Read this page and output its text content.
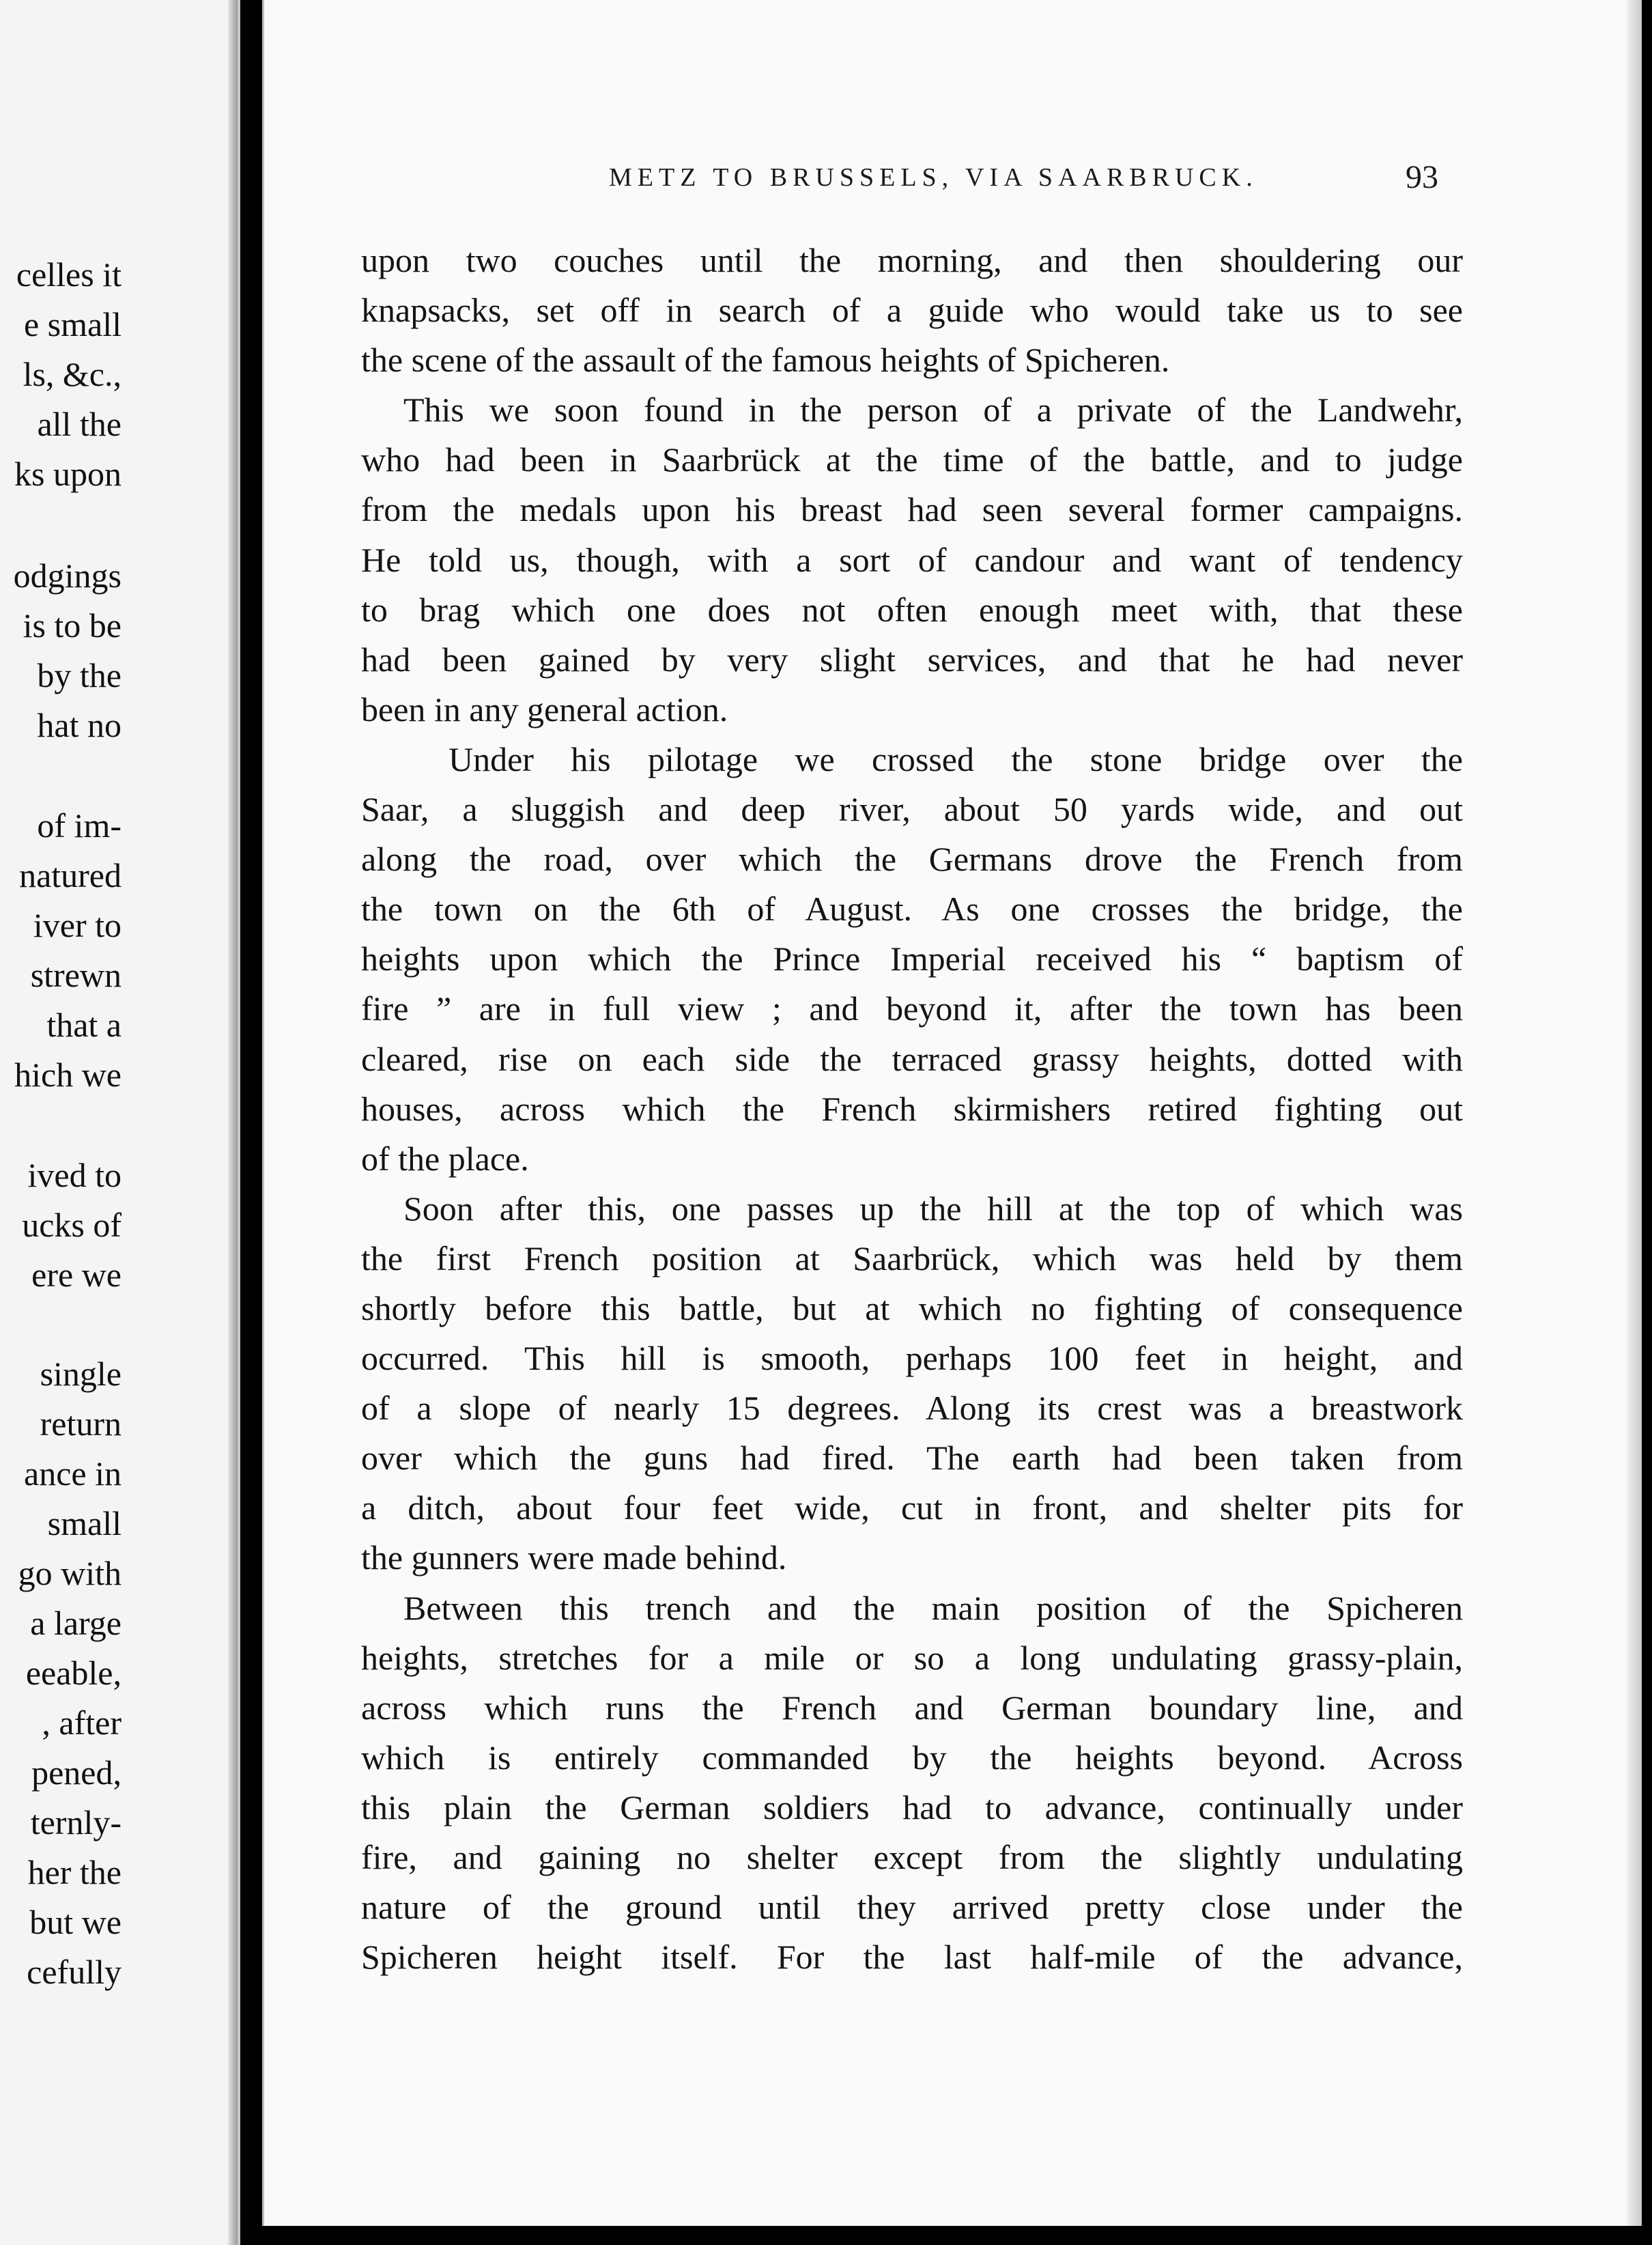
celles it
e small
ls, &c.,
all the
ks upon
odgings
is to be
by the
hat no
of im-
natured
iver to
strewn
that a
hich we
ived to
ucks of
ere we
single
return
ance in
small
go with
a large
eeable,
, after
pened,
ternly-
her the
but we
cefully
METZ TO BRUSSELS, VIA SAARBRUCK.	93
upon two couches until the morning, and then shouldering our
knapsacks, set off in search of a guide who would take us to see
the scene of the assault of the famous heights of Spicheren.
This we soon found in the person of a private of the Landwehr,
who had been in Saarbrück at the time of the battle, and to judge
from the medals upon his breast had seen several former campaigns.
He told us, though, with a sort of candour and want of tendency
to brag which one does not often enough meet with, that these
had been gained by very slight services, and that he had never
been in any general action.
Under his pilotage we crossed the stone bridge over the
Saar, a sluggish and deep river, about 50 yards wide, and out
along the road, over which the Germans drove the French from
the town on the 6th of August. As one crosses the bridge, the
heights upon which the Prince Imperial received his “ baptism of
fire ” are in full view ; and beyond it, after the town has been
cleared, rise on each side the terraced grassy heights, dotted with
houses, across which the French skirmishers retired fighting out
of the place.
Soon after this, one passes up the hill at the top of which was
the first French position at Saarbrück, which was held by them
shortly before this battle, but at which no fighting of consequence
occurred. This hill is smooth, perhaps 100 feet in height, and
of a slope of nearly 15 degrees. Along its crest was a breastwork
over which the guns had fired. The earth had been taken from
a ditch, about four feet wide, cut in front, and shelter pits for
the gunners were made behind.
Between this trench and the main position of the Spicheren
heights, stretches for a mile or so a long undulating grassy-plain,
across which runs the French and German boundary line, and
which is entirely commanded by the heights beyond. Across
this plain the German soldiers had to advance, continually under
fire, and gaining no shelter except from the slightly undulating
nature of the ground until they arrived pretty close under the
Spicheren height itself. For the last half-mile of the advance,
